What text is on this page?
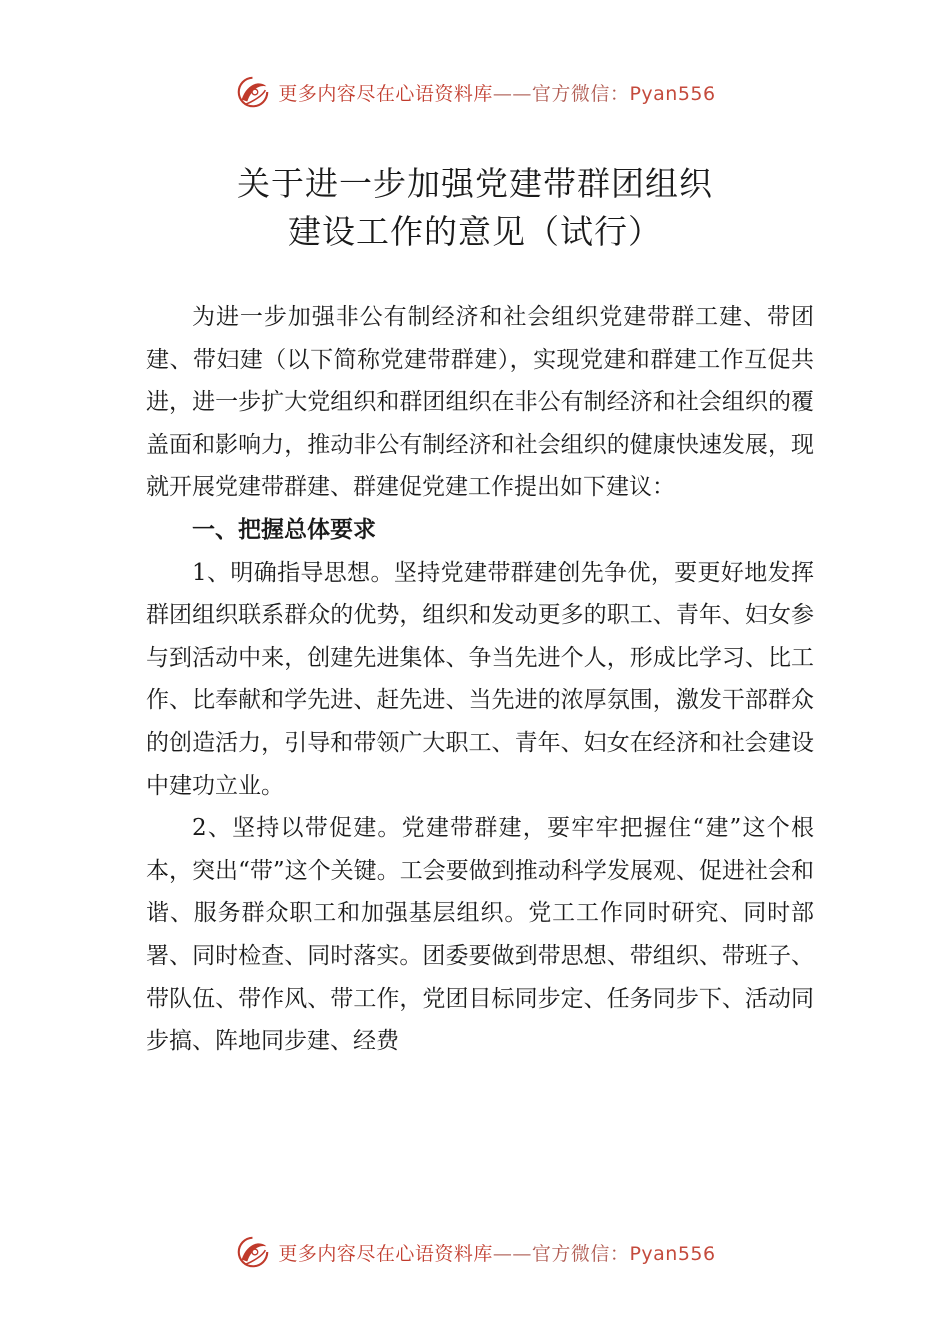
更多内容尽在心语资料库——官方微信：Pyan556
关于进一步加强党建带群团组织
建设工作的意见（试行）

为进一步加强非公有制经济和社会组织党建带群工建、带团建、带妇建（以下简称党建带群建），实现党建和群建工作互促共进，进一步扩大党组织和群团组织在非公有制经济和社会组织的覆盖面和影响力，推动非公有制经济和社会组织的健康快速发展，现就开展党建带群建、群建促党建工作提出如下建议：

一、把握总体要求

1、明确指导思想。坚持党建带群建创先争优，要更好地发挥群团组织联系群众的优势，组织和发动更多的职工、青年、妇女参与到活动中来，创建先进集体、争当先进个人，形成比学习、比工作、比奉献和学先进、赶先进、当先进的浓厚氛围，激发干部群众的创造活力，引导和带领广大职工、青年、妇女在经济和社会建设中建功立业。

2、坚持以带促建。党建带群建，要牢牢把握住“建”这个根本，突出“带”这个关键。工会要做到推动科学发展观、促进社会和谐、服务群众职工和加强基层组织。党工工作同时研究、同时部署、同时检查、同时落实。团委要做到带思想、带组织、带班子、带队伍、带作风、带工作，党团目标同步定、任务同步下、活动同步搞、阵地同步建、经费

更多内容尽在心语资料库——官方微信：Pyan556
